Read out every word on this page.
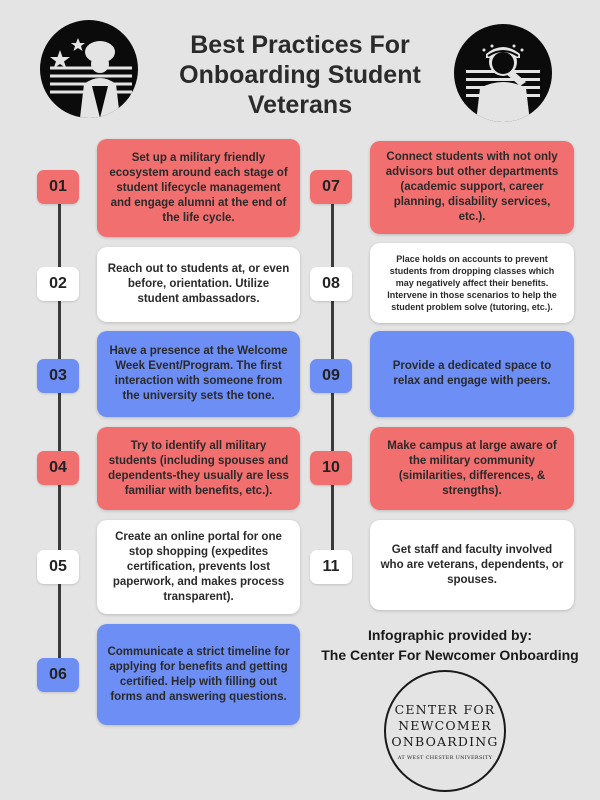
Best Practices For
Onboarding Student
Veterans
01
Set up a military friendly ecosystem around each stage of student lifecycle management and engage alumni at the end of the life cycle.
02
Reach out to students at, or even before, orientation. Utilize student ambassadors.
03
Have a presence at the Welcome Week Event/Program. The first interaction with someone from the university sets the tone.
04
Try to identify all military students (including spouses and dependents-they usually are less familiar with benefits, etc.).
05
Create an online portal for one stop shopping (expedites certification, prevents lost paperwork, and makes process transparent).
06
Communicate a strict timeline for applying for benefits and getting certified. Help with filling out forms and answering questions.
07
Connect students with not only advisors but other departments (academic support, career planning, disability services, etc.).
08
Place holds on accounts to prevent students from dropping classes which may negatively affect their benefits. Intervene in those scenarios to help the student problem solve (tutoring, etc.).
09
Provide a dedicated space to relax and engage with peers.
10
Make campus at large aware of the military community (similarities, differences, & strengths).
11
Get staff and faculty involved who are veterans, dependents, or spouses.
Infographic provided by:
The Center For Newcomer Onboarding
CENTER FOR
NEWCOMER
ONBOARDING
AT WEST CHESTER UNIVERSITY
